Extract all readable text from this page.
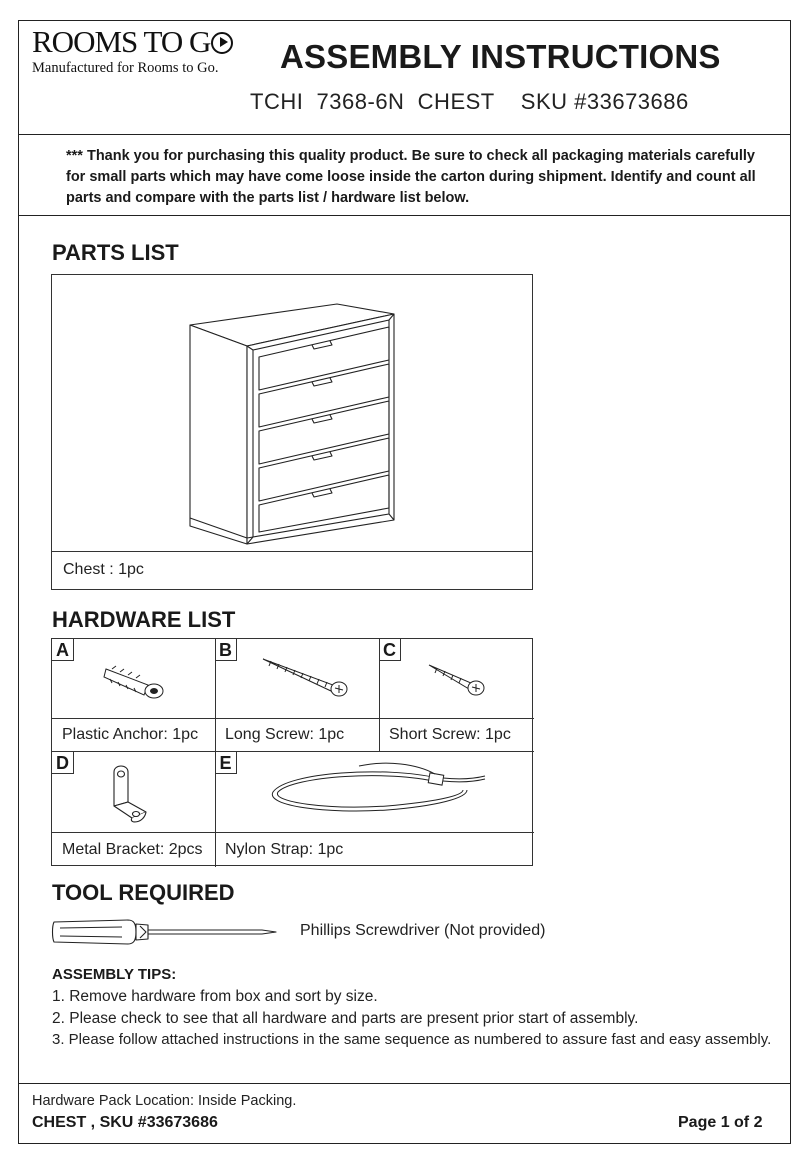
ROOMS TO G
Manufactured for Rooms to Go.	ASSEMBLY INSTRUCTIONS
TCHI  7368-6N  CHEST    SKU #33673686
*** Thank you for purchasing this quality product. Be sure to check all packaging materials carefully for small parts which may have come loose inside the carton during shipment. Identify and count all parts and compare with the parts list / hardware list below.
PARTS LIST
Chest : 1pc
HARDWARE LIST
A
Plastic Anchor: 1pc
B
Long Screw: 1pc
C
Short Screw: 1pc
D
Metal Bracket: 2pcs
E
Nylon Strap: 1pc
TOOL REQUIRED
Phillips Screwdriver (Not provided)
ASSEMBLY TIPS:
1. Remove hardware from box and sort by size.
2. Please check to see that all hardware and parts are present prior start of assembly.
3. Please follow attached instructions in the same sequence as numbered to assure fast and easy assembly.
Hardware Pack Location: Inside Packing.
CHEST , SKU #33673686	Page 1 of 2
